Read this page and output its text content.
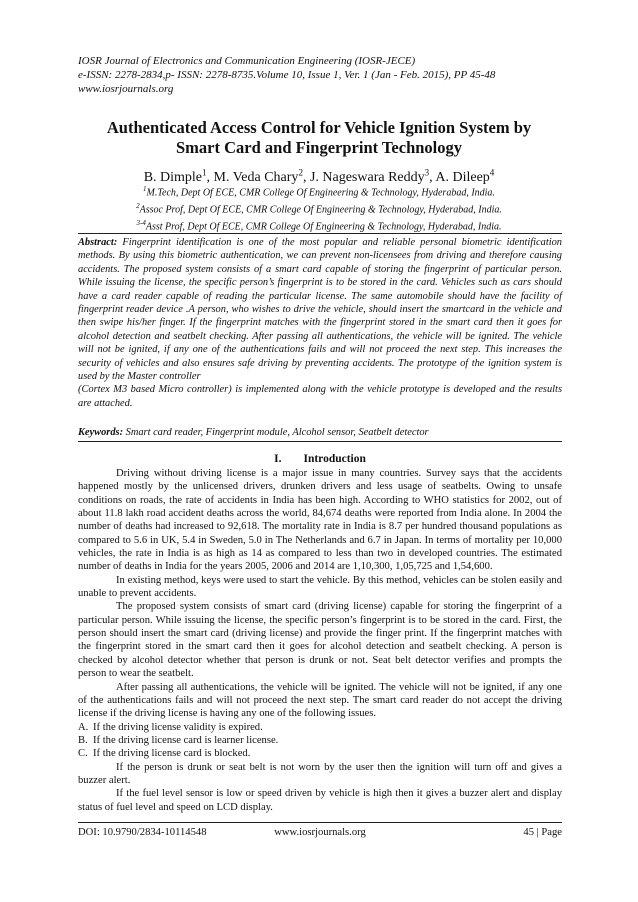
IOSR Journal of Electronics and Communication Engineering (IOSR-JECE)
e-ISSN: 2278-2834,p- ISSN: 2278-8735.Volume 10, Issue 1, Ver. 1 (Jan - Feb. 2015), PP 45-48
www.iosrjournals.org
Authenticated Access Control for Vehicle Ignition System by
Smart Card and Fingerprint Technology
B. Dimple$^1$, M. Veda Chary$^2$, J. Nageswara Reddy$^3$, A. Dileep$^4$
$^1$M.Tech, Dept Of ECE, CMR College Of Engineering & Technology, Hyderabad, India.
$^2$Assoc Prof, Dept Of ECE, CMR College Of Engineering & Technology, Hyderabad, India.
$^{3-4}$Asst Prof, Dept Of ECE, CMR College Of Engineering & Technology, Hyderabad, India.

Abstract: Fingerprint identification is one of the most popular and reliable personal biometric identification methods. By using this biometric authentication, we can prevent non-licensees from driving and therefore causing accidents. The proposed system consists of a smart card capable of storing the fingerprint of particular person. While issuing the license, the specific person’s fingerprint is to be stored in the card. Vehicles such as cars should have a card reader capable of reading the particular license. The same automobile should have the facility of fingerprint reader device .A person, who wishes to drive the vehicle, should insert the smartcard in the vehicle and then swipe his/her finger. If the fingerprint matches with the fingerprint stored in the smart card then it goes for alcohol detection and seatbelt checking. After passing all authentications, the vehicle will be ignited. The vehicle will not be ignited, if any one of the authentications fails and will not proceed the next step. This increases the security of vehicles and also ensures safe driving by preventing accidents. The prototype of the ignition system is used by the Master controller

(Cortex M3 based Micro controller) is implemented along with the vehicle prototype is developed and the results are attached.

Keywords: Smart card reader, Fingerprint module, Alcohol sensor, Seatbelt detector
I. Introduction

Driving without driving license is a major issue in many countries. Survey says that the accidents happened mostly by the unlicensed drivers, drunken drivers and less usage of seatbelts. Owing to unsafe conditions on roads, the rate of accidents in India has been high. According to WHO statistics for 2002, out of about 11.8 lakh road accident deaths across the world, 84,674 deaths were reported from India alone. In 2004 the number of deaths had increased to 92,618. The mortality rate in India is 8.7 per hundred thousand populations as compared to 5.6 in UK, 5.4 in Sweden, 5.0 in The Netherlands and 6.7 in Japan. In terms of mortality per 10,000 vehicles, the rate in India is as high as 14 as compared to less than two in developed countries. The estimated number of deaths in India for the years 2005, 2006 and 2014 are 1,10,300, 1,05,725 and 1,54,600.

In existing method, keys were used to start the vehicle. By this method, vehicles can be stolen easily and unable to prevent accidents.

The proposed system consists of smart card (driving license) capable for storing the fingerprint of a particular person. While issuing the license, the specific person’s fingerprint is to be stored in the card. First, the person should insert the smart card (driving license) and provide the finger print. If the fingerprint matches with the fingerprint stored in the smart card then it goes for alcohol detection and seatbelt checking. A person is checked by alcohol detector whether that person is drunk or not. Seat belt detector verifies and prompts the person to wear the seatbelt.

After passing all authentications, the vehicle will be ignited. The vehicle will not be ignited, if any one of the authentications fails and will not proceed the next step. The smart card reader do not accept the driving license if the driving license is having any one of the following issues.

A. If the driving license validity is expired.
B. If the driving license card is learner license.
C. If the driving license card is blocked.

If the person is drunk or seat belt is not worn by the user then the ignition will turn off and gives a buzzer alert.

If the fuel level sensor is low or speed driven by vehicle is high then it gives a buzzer alert and display status of fuel level and speed on LCD display.

DOI: 10.9790/2834-10114548	www.iosrjournals.org	45 | Page
